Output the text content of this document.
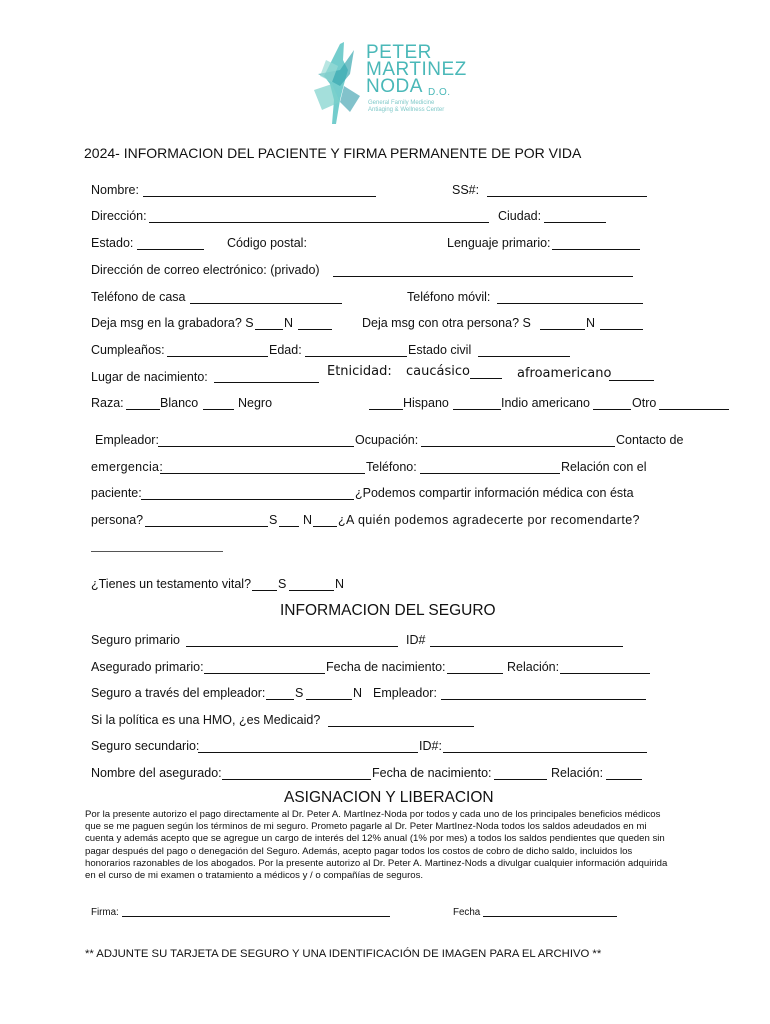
PETER
MARTINEZ
NODA D.O.
General Family Medicine
Antiaging & Wellness Center
2024- INFORMACION DEL PACIENTE Y FIRMA PERMANENTE DE POR VIDA
Nombre:	SS#:
Dirección:	Ciudad:
Estado:	Código postal:	Lenguaje primario:
Dirección de correo electrónico: (privado)
Teléfono de casa	Teléfono móvil:
Deja msg en la grabadora? S N	Deja msg con otra persona? S	N
Cumpleaños:	Edad:	Estado civil
Lugar de nacimiento:	Etnicidad: caucásico	afroamericano
Raza:	Blanco	Negro	Hispano	Indio americano	Otro
Empleador:	Ocupación:	Contacto de
emergencia:	Teléfono:	Relación con el
paciente:	¿Podemos compartir información médica con ésta
persona?	S N ¿A quién podemos agradecerte por recomendarte?
¿Tienes un testamento vital? S	N
INFORMACION DEL SEGURO
Seguro primario	ID#
Asegurado primario:	Fecha de nacimiento:	Relación:
Seguro a través del empleador: S	N Empleador:
Si la política es una HMO, ¿es Medicaid?
Seguro secundario:	ID#:
Nombre del asegurado:	Fecha de nacimiento:	Relación:
ASIGNACION Y LIBERACION
Por la presente autorizo el pago directamente al Dr. Peter A. MartInez-Noda por todos y cada uno de los principales beneficios médicos
que se me paguen según los términos de mi seguro. Prometo pagarle al Dr. Peter MartInez-Noda todos los saldos adeudados en mi
cuenta y además acepto que se agregue un cargo de interés del 12% anual (1% por mes) a todos los saldos pendientes que queden sin
pagar después del pago o denegación del Seguro. Además, acepto pagar todos los costos de cobro de dicho saldo, incluidos los
honorarios razonables de los abogados. Por la presente autorizo al Dr. Peter A. Martinez-Nods a divulgar cualquier información adquirida
en el curso de mi examen o tratamiento a médicos y / o compañías de seguros.
Firma:	Fecha
** ADJUNTE SU TARJETA DE SEGURO Y UNA IDENTIFICACIÓN DE IMAGEN PARA EL ARCHIVO **
